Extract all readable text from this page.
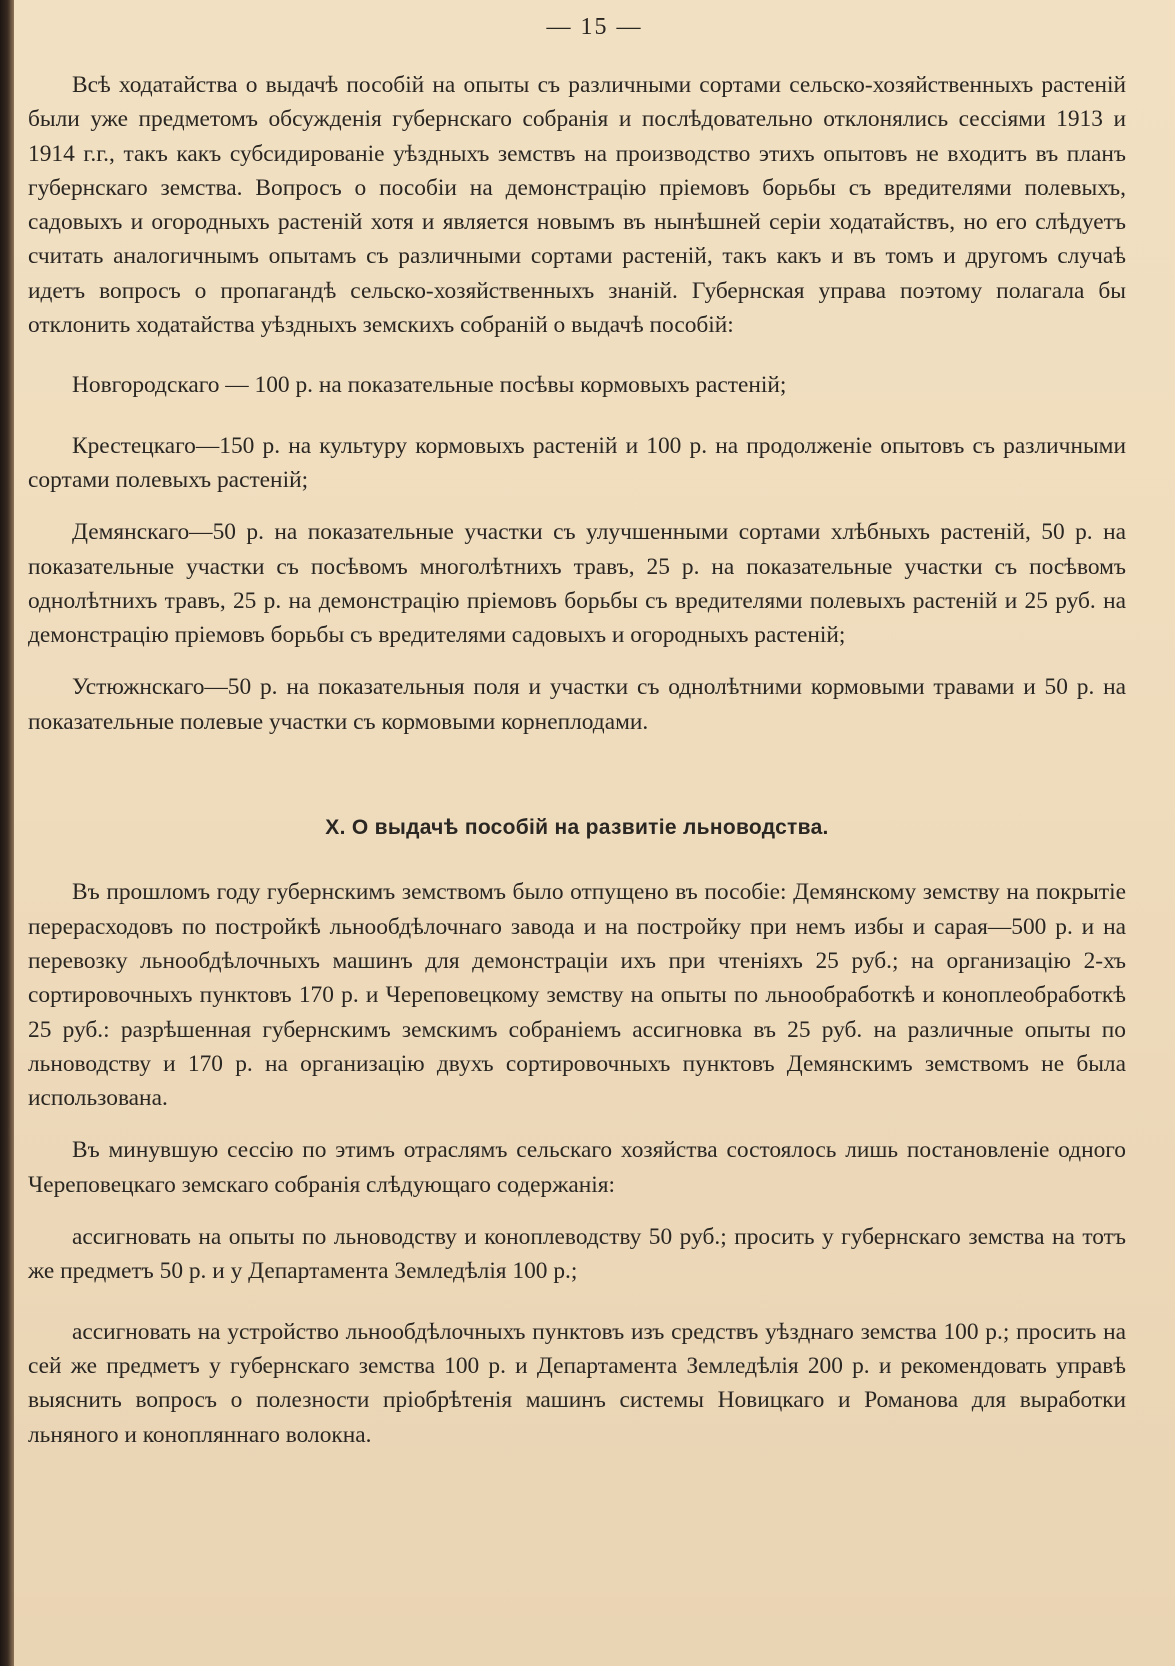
— 15 —

Всѣ ходатайства о выдачѣ пособій на опыты съ различными сортами сельско-хозяйственныхъ растеній были уже предметомъ обсужденія губернскаго собранія и послѣдовательно отклонялись сессіями 1913 и 1914 г.г., такъ какъ субсидированіе уѣздныхъ земствъ на производство этихъ опытовъ не входитъ въ планъ губернскаго земства. Вопросъ о пособіи на демонстрацію пріемовъ борьбы съ вредителями полевыхъ, садовыхъ и огородныхъ растеній хотя и является новымъ въ нынѣшней серіи ходатайствъ, но его слѣдуетъ считать аналогичнымъ опытамъ съ различными сортами растеній, такъ какъ и въ томъ и другомъ случаѣ идетъ вопросъ о пропагандѣ сельско-хозяйственныхъ знаній. Губернская управа поэтому полагала бы отклонить ходатайства уѣздныхъ земскихъ собраній о выдачѣ пособій:

Новгородскаго — 100 р. на показательные посѣвы кормовыхъ растеній;

Крестецкаго—150 р. на культуру кормовыхъ растеній и 100 р. на продолженіе опытовъ съ различными сортами полевыхъ растеній;

Демянскаго—50 р. на показательные участки съ улучшенными сортами хлѣбныхъ растеній, 50 р. на показательные участки съ посѣвомъ многолѣтнихъ травъ, 25 р. на показательные участки съ посѣвомъ однолѣтнихъ травъ, 25 р. на демонстрацію пріемовъ борьбы съ вредителями полевыхъ растеній и 25 руб. на демонстрацію пріемовъ борьбы съ вредителями садовыхъ и огородныхъ растеній;

Устюжнскаго—50 р. на показательныя поля и участки съ однолѣтними кормовыми травами и 50 р. на показательные полевые участки съ кормовыми корнеплодами.

X. О выдачѣ пособій на развитіе льноводства.

Въ прошломъ году губернскимъ земствомъ было отпущено въ пособіе: Демянскому земству на покрытіе перерасходовъ по постройкѣ льнообдѣлочнаго завода и на постройку при немъ избы и сарая—500 р. и на перевозку льнообдѣлочныхъ машинъ для демонстраціи ихъ при чтеніяхъ 25 руб.; на организацію 2-хъ сортировочныхъ пунктовъ 170 р. и Череповецкому земству на опыты по льнообработкѣ и коноплеобработкѣ 25 руб.: разрѣшенная губернскимъ земскимъ собраніемъ ассигновка въ 25 руб. на различные опыты по льноводству и 170 р. на организацію двухъ сортировочныхъ пунктовъ Демянскимъ земствомъ не была использована.

Въ минувшую сессію по этимъ отраслямъ сельскаго хозяйства состоялось лишь постановленіе одного Череповецкаго земскаго собранія слѣдующаго содержанія:

ассигновать на опыты по льноводству и коноплеводству 50 руб.; просить у губернскаго земства на тотъ же предметъ 50 р. и у Департамента Земледѣлія 100 р.;

ассигновать на устройство льнообдѣлочныхъ пунктовъ изъ средствъ уѣзднаго земства 100 р.; просить на сей же предметъ у губернскаго земства 100 р. и Департамента Земледѣлія 200 р. и рекомендовать управѣ выяснить вопросъ о полезности пріобрѣтенія машинъ системы Новицкаго и Романова для выработки льняного и конопляннаго волокна.
